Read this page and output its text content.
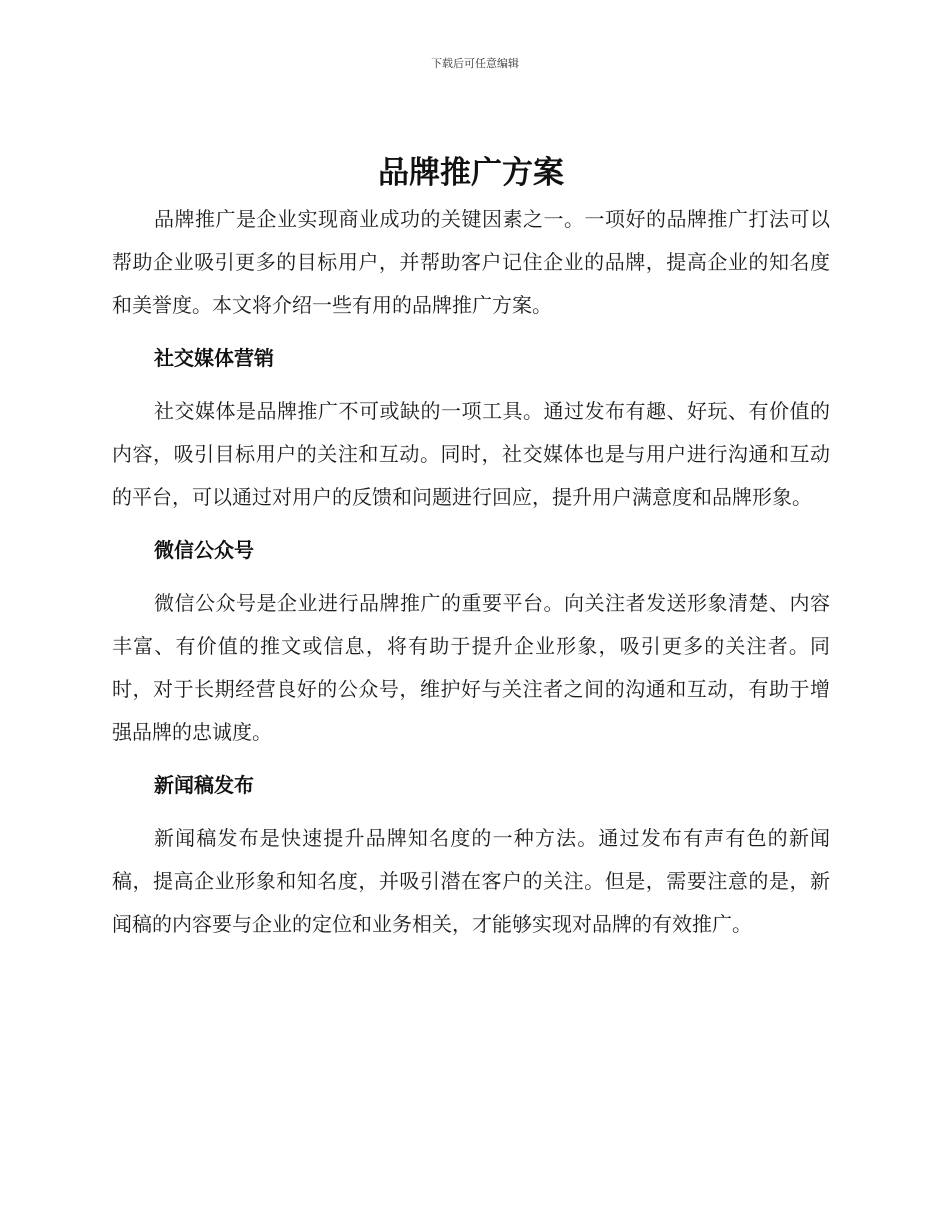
下载后可任意编辑
品牌推广方案

品牌推广是企业实现商业成功的关键因素之一。一项好的品牌推广打法可以帮助企业吸引更多的目标用户，并帮助客户记住企业的品牌，提高企业的知名度和美誉度。本文将介绍一些有用的品牌推广方案。

社交媒体营销

社交媒体是品牌推广不可或缺的一项工具。通过发布有趣、好玩、有价值的内容，吸引目标用户的关注和互动。同时，社交媒体也是与用户进行沟通和互动的平台，可以通过对用户的反馈和问题进行回应，提升用户满意度和品牌形象。

微信公众号

微信公众号是企业进行品牌推广的重要平台。向关注者发送形象清楚、内容丰富、有价值的推文或信息，将有助于提升企业形象，吸引更多的关注者。同时，对于长期经营良好的公众号，维护好与关注者之间的沟通和互动，有助于增强品牌的忠诚度。

新闻稿发布

新闻稿发布是快速提升品牌知名度的一种方法。通过发布有声有色的新闻稿，提高企业形象和知名度，并吸引潜在客户的关注。但是，需要注意的是，新闻稿的内容要与企业的定位和业务相关，才能够实现对品牌的有效推广。
